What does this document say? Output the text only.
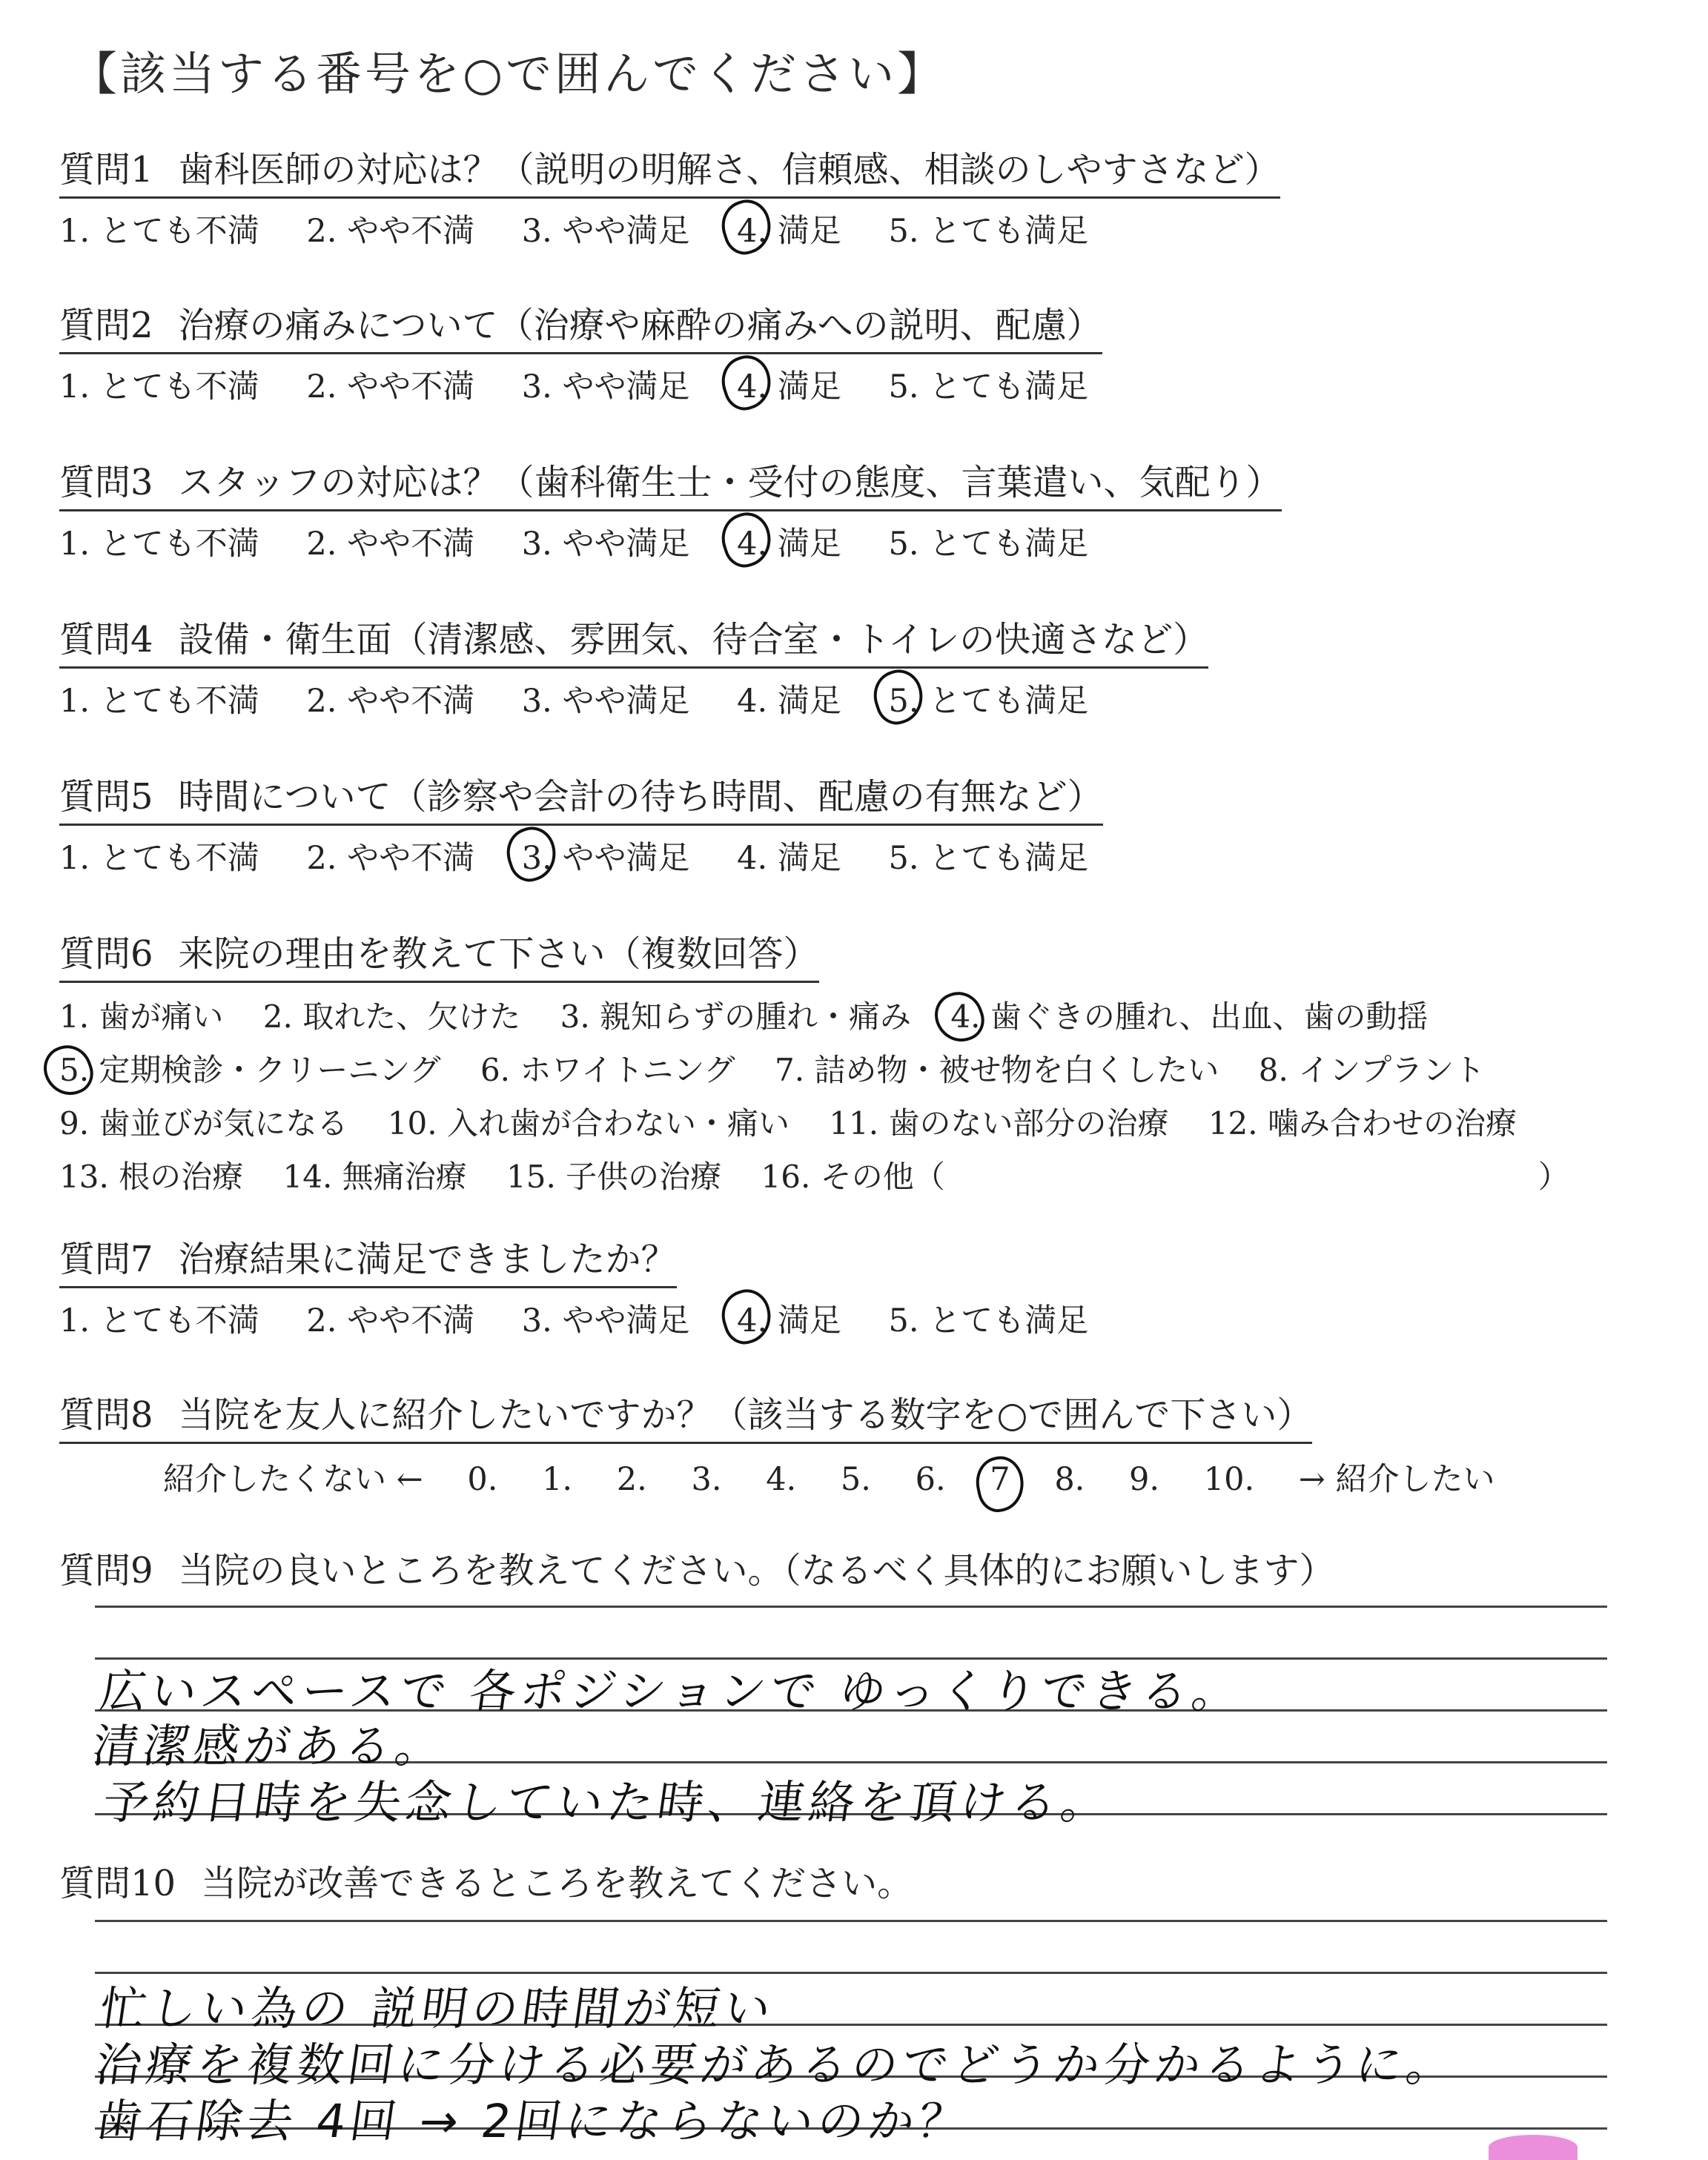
【該当する番号を○で囲んでください】
質問1 歯科医師の対応は？（説明の明解さ、信頼感、相談のしやすさなど）
1. とても不満 2. やや不満 3. やや満足 4. 満足 5. とても満足
質問2 治療の痛みについて（治療や麻酔の痛みへの説明、配慮）
1. とても不満 2. やや不満 3. やや満足 4. 満足 5. とても満足
質問3 スタッフの対応は？（歯科衛生士・受付の態度、言葉遣い、気配り）
1. とても不満 2. やや不満 3. やや満足 4. 満足 5. とても満足
質問4 設備・衛生面（清潔感、雰囲気、待合室・トイレの快適さなど）
1. とても不満 2. やや不満 3. やや満足 4. 満足 5. とても満足
質問5 時間について（診察や会計の待ち時間、配慮の有無など）
1. とても不満 2. やや不満 3. やや満足 4. 満足 5. とても満足
質問6 来院の理由を教えて下さい（複数回答）
1. 歯が痛い 2. 取れた、欠けた 3. 親知らずの腫れ・痛み 4. 歯ぐきの腫れ、出血、歯の動揺
5. 定期検診・クリーニング 6. ホワイトニング 7. 詰め物・被せ物を白くしたい 8. インプラント
9. 歯並びが気になる 10. 入れ歯が合わない・痛い 11. 歯のない部分の治療 12. 噛み合わせの治療
13. 根の治療 14. 無痛治療 15. 子供の治療 16. その他（	）
質問7 治療結果に満足できましたか？
1. とても不満 2. やや不満 3. やや満足 4. 満足 5. とても満足
質問8 当院を友人に紹介したいですか？（該当する数字を○で囲んで下さい）
紹介したくない ← 0. 1. 2. 3. 4. 5. 6. 7 8. 9. 10. → 紹介したい
質問9 当院の良いところを教えてください。（なるべく具体的にお願いします）
広いスペースで 各ポジションで ゆっくりできる。
清潔感がある。
予約日時を失念していた時、連絡を頂ける。
質問10 当院が改善できるところを教えてください。
忙しい為の 説明の時間が短い
治療を複数回に分ける必要があるのでどうか分かるように。
歯石除去 4回 → 2回にならないのか？
